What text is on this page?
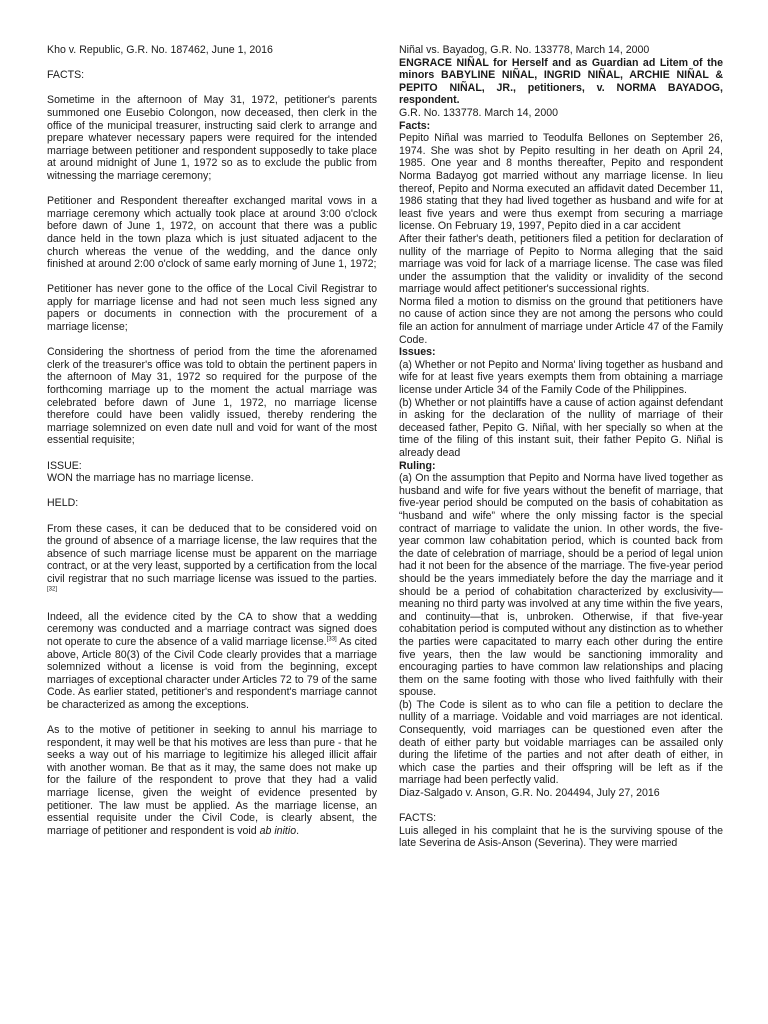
Kho v. Republic, G.R. No. 187462, June 1, 2016

FACTS:

Sometime in the afternoon of May 31, 1972, petitioner's parents summoned one Eusebio Colongon, now deceased, then clerk in the office of the municipal treasurer, instructing said clerk to arrange and prepare whatever necessary papers were required for the intended marriage between petitioner and respondent supposedly to take place at around midnight of June 1, 1972 so as to exclude the public from witnessing the marriage ceremony;

Petitioner and Respondent thereafter exchanged marital vows in a marriage ceremony which actually took place at around 3:00 o'clock before dawn of June 1, 1972, on account that there was a public dance held in the town plaza which is just situated adjacent to the church whereas the venue of the wedding, and the dance only finished at around 2:00 o'clock of same early morning of June 1, 1972;

Petitioner has never gone to the office of the Local Civil Registrar to apply for marriage license and had not seen much less signed any papers or documents in connection with the procurement of a marriage license;

Considering the shortness of period from the time the aforenamed clerk of the treasurer's office was told to obtain the pertinent papers in the afternoon of May 31, 1972 so required for the purpose of the forthcoming marriage up to the moment the actual marriage was celebrated before dawn of June 1, 1972, no marriage license therefore could have been validly issued, thereby rendering the marriage solemnized on even date null and void for want of the most essential requisite;

ISSUE:

WON the marriage has no marriage license.

HELD:

From these cases, it can be deduced that to be considered void on the ground of absence of a marriage license, the law requires that the absence of such marriage license must be apparent on the marriage contract, or at the very least, supported by a certification from the local civil registrar that no such marriage license was issued to the parties.[32]

Indeed, all the evidence cited by the CA to show that a wedding ceremony was conducted and a marriage contract was signed does not operate to cure the absence of a valid marriage license.[33] As cited above, Article 80(3) of the Civil Code clearly provides that a marriage solemnized without a license is void from the beginning, except marriages of exceptional character under Articles 72 to 79 of the same Code. As earlier stated, petitioner's and respondent's marriage cannot be characterized as among the exceptions.

As to the motive of petitioner in seeking to annul his marriage to respondent, it may well be that his motives are less than pure - that he seeks a way out of his marriage to legitimize his alleged illicit affair with another woman. Be that as it may, the same does not make up for the failure of the respondent to prove that they had a valid marriage license, given the weight of evidence presented by petitioner. The law must be applied. As the marriage license, an essential requisite under the Civil Code, is clearly absent, the marriage of petitioner and respondent is void ab initio.

Niñal vs. Bayadog, G.R. No. 133778, March 14, 2000

ENGRACE NIÑAL for Herself and as Guardian ad Litem of the minors BABYLINE NIÑAL, INGRID NIÑAL, ARCHIE NIÑAL & PEPITO NIÑAL, JR., petitioners, v. NORMA BAYADOG, respondent.

G.R. No. 133778. March 14, 2000

Facts:

Pepito Niñal was married to Teodulfa Bellones on September 26, 1974. She was shot by Pepito resulting in her death on April 24, 1985. One year and 8 months thereafter, Pepito and respondent Norma Badayog got married without any marriage license. In lieu thereof, Pepito and Norma executed an affidavit dated December 11, 1986 stating that they had lived together as husband and wife for at least five years and were thus exempt from securing a marriage license. On February 19, 1997, Pepito died in a car accident

After their father's death, petitioners filed a petition for declaration of nullity of the marriage of Pepito to Norma alleging that the said marriage was void for lack of a marriage license. The case was filed under the assumption that the validity or invalidity of the second marriage would affect petitioner's successional rights.

Norma filed a motion to dismiss on the ground that petitioners have no cause of action since they are not among the persons who could file an action for annulment of marriage under Article 47 of the Family Code.

Issues:

(a) Whether or not Pepito and Norma' living together as husband and wife for at least five years exempts them from obtaining a marriage license under Article 34 of the Family Code of the Philippines.

(b) Whether or not plaintiffs have a cause of action against defendant in asking for the declaration of the nullity of marriage of their deceased father, Pepito G. Niñal, with her specially so when at the time of the filing of this instant suit, their father Pepito G. Niñal is already dead

Ruling:

(a) On the assumption that Pepito and Norma have lived together as husband and wife for five years without the benefit of marriage, that five-year period should be computed on the basis of cohabitation as “husband and wife” where the only missing factor is the special contract of marriage to validate the union. In other words, the five-year common law cohabitation period, which is counted back from the date of celebration of marriage, should be a period of legal union had it not been for the absence of the marriage. The five-year period should be the years immediately before the day the marriage and it should be a period of cohabitation characterized by exclusivity—meaning no third party was involved at any time within the five years, and continuity—that is, unbroken. Otherwise, if that five-year cohabitation period is computed without any distinction as to whether the parties were capacitated to marry each other during the entire five years, then the law would be sanctioning immorality and encouraging parties to have common law relationships and placing them on the same footing with those who lived faithfully with their spouse.

(b) The Code is silent as to who can file a petition to declare the nullity of a marriage. Voidable and void marriages are not identical. Consequently, void marriages can be questioned even after the death of either party but voidable marriages can be assailed only during the lifetime of the parties and not after death of either, in which case the parties and their offspring will be left as if the marriage had been perfectly valid.

Diaz-Salgado v. Anson, G.R. No. 204494, July 27, 2016

FACTS:

Luis alleged in his complaint that he is the surviving spouse of the late Severina de Asis-Anson (Severina). They were married
